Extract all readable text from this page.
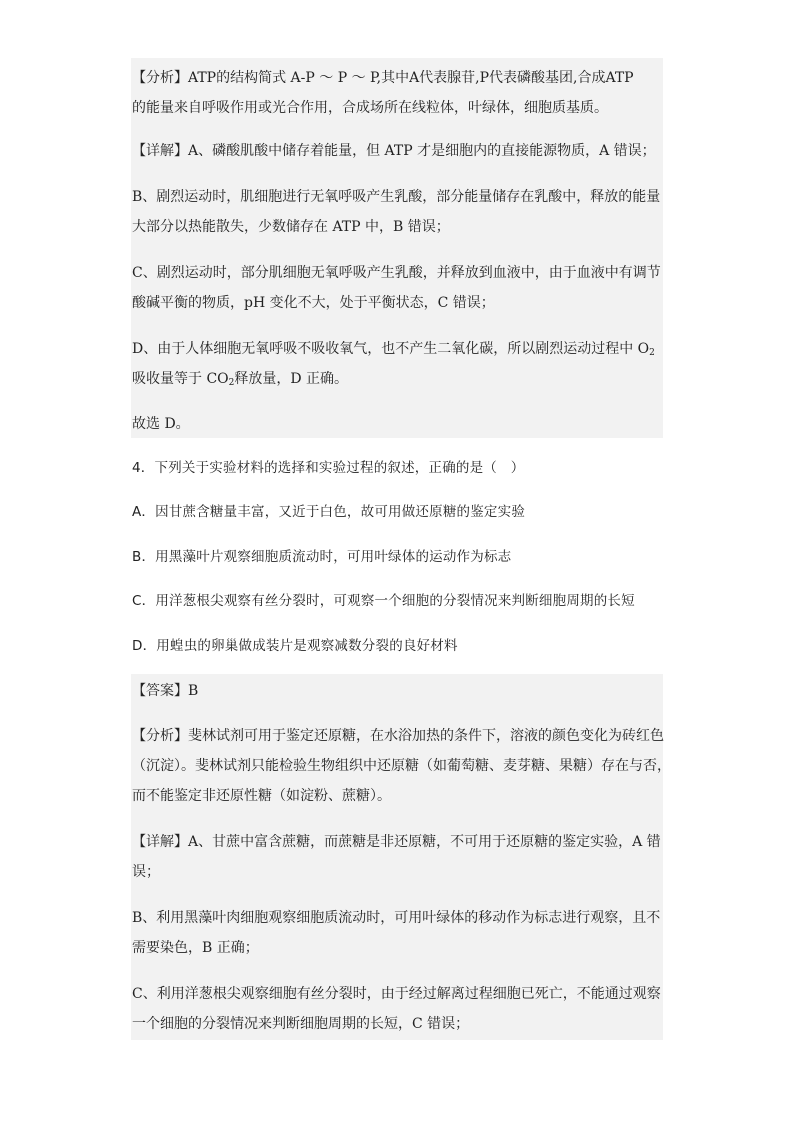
【分析】ATP的结构简式 A-P ～ P ～ P,其中A代表腺苷,P代表磷酸基团,合成ATP
的能量来自呼吸作用或光合作用，合成场所在线粒体，叶绿体，细胞质基质。
【详解】A、磷酸肌酸中储存着能量，但 ATP 才是细胞内的直接能源物质，A 错误；
B、剧烈运动时，肌细胞进行无氧呼吸产生乳酸，部分能量储存在乳酸中，释放的能量
大部分以热能散失，少数储存在 ATP 中，B 错误；
C、剧烈运动时，部分肌细胞无氧呼吸产生乳酸，并释放到血液中，由于血液中有调节
酸碱平衡的物质，pH 变化不大，处于平衡状态，C 错误；
D、由于人体细胞无氧呼吸不吸收氧气，也不产生二氧化碳，所以剧烈运动过程中 $O_2$
吸收量等于 $CO_2$释放量，D 正确。
故选 D。
4．下列关于实验材料的选择和实验过程的叙述，正确的是（　）
A．因甘蔗含糖量丰富，又近于白色，故可用做还原糖的鉴定实验
B．用黑藻叶片观察细胞质流动时，可用叶绿体的运动作为标志
C．用洋葱根尖观察有丝分裂时，可观察一个细胞的分裂情况来判断细胞周期的长短
D．用蝗虫的卵巢做成装片是观察减数分裂的良好材料
【答案】B
【分析】斐林试剂可用于鉴定还原糖，在水浴加热的条件下，溶液的颜色变化为砖红色
（沉淀）。斐林试剂只能检验生物组织中还原糖（如葡萄糖、麦芽糖、果糖）存在与否，
而不能鉴定非还原性糖（如淀粉、蔗糖）。
【详解】A、甘蔗中富含蔗糖，而蔗糖是非还原糖，不可用于还原糖的鉴定实验，A 错
误；
B、利用黑藻叶肉细胞观察细胞质流动时，可用叶绿体的移动作为标志进行观察，且不
需要染色，B 正确；
C、利用洋葱根尖观察细胞有丝分裂时，由于经过解离过程细胞已死亡，不能通过观察
一个细胞的分裂情况来判断细胞周期的长短，C 错误；
